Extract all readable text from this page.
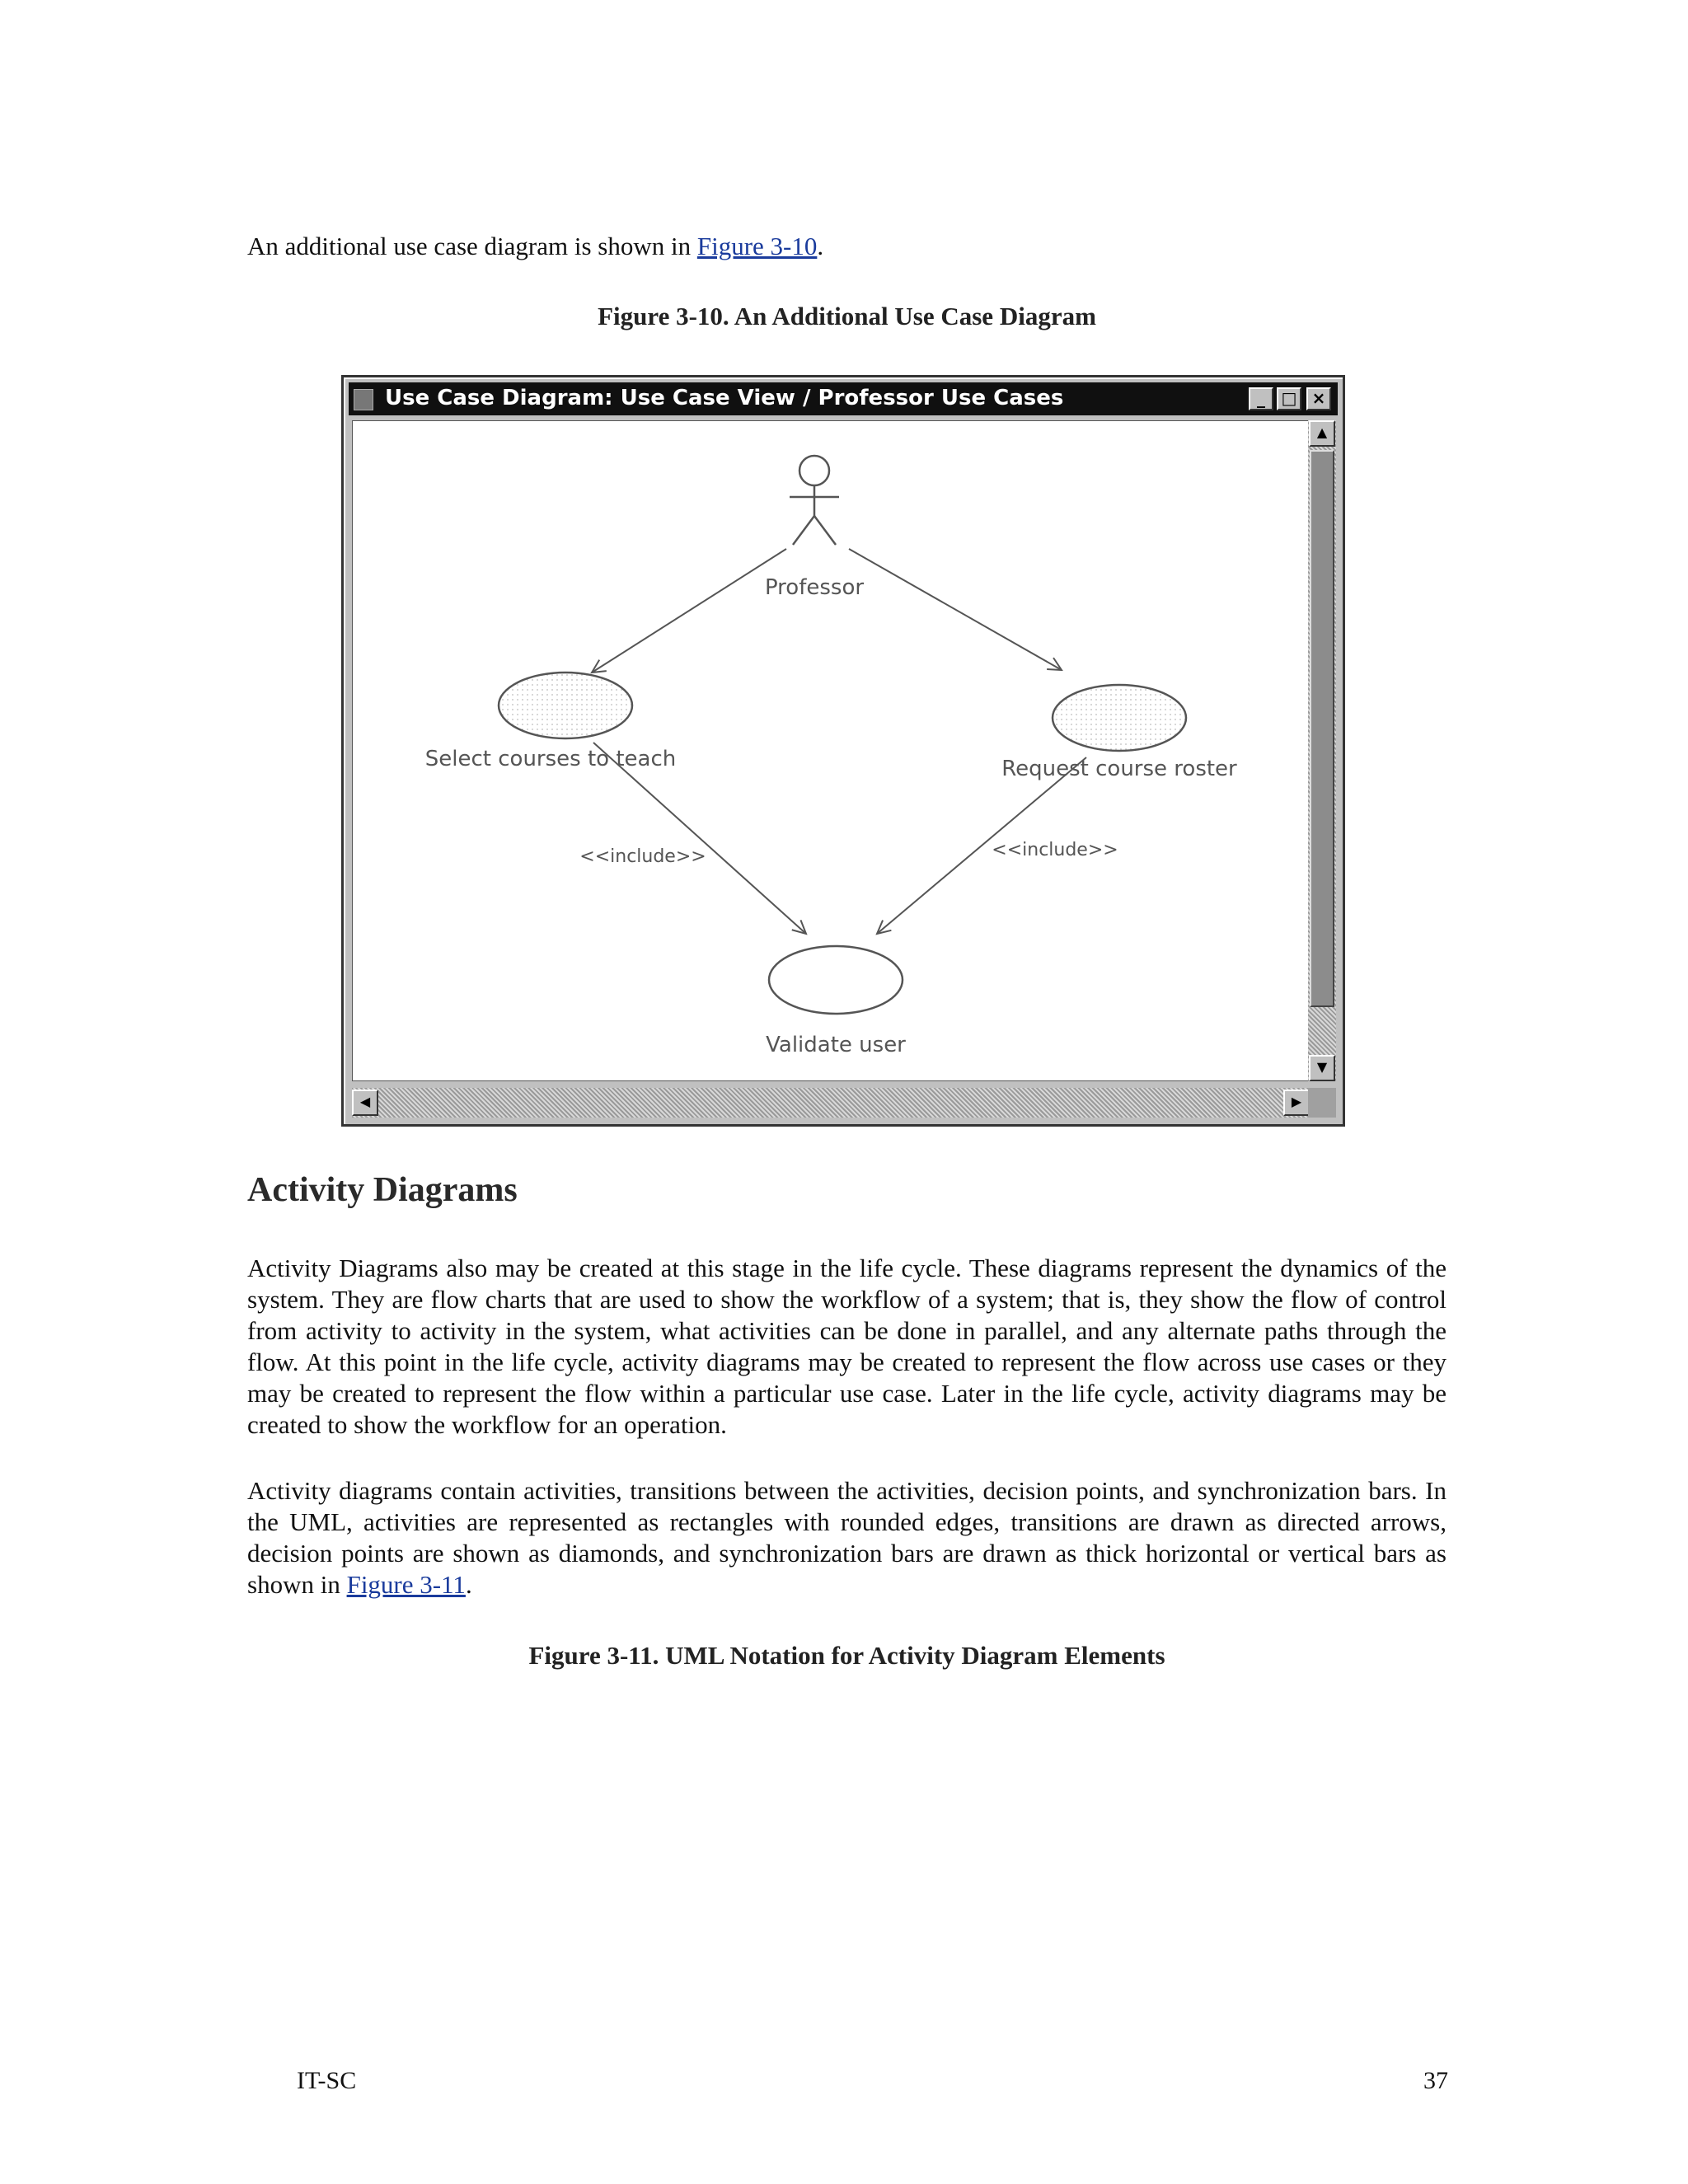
An additional use case diagram is shown in Figure 3-10.

Figure 3-10. An Additional Use Case Diagram

Use Case Diagram: Use Case View / Professor Use Cases	_ □ ×
Professor
Select courses to teach	Request course roster
Validate user
<<include>>	<<include>>
▲
▼
◀	▶
Activity Diagrams

Activity Diagrams also may be created at this stage in the life cycle. These diagrams represent the dynamics of the system. They are flow charts that are used to show the workflow of a system; that is, they show the flow of control from activity to activity in the system, what activities can be done in parallel, and any alternate paths through the flow. At this point in the life cycle, activity diagrams may be created to represent the flow across use cases or they may be created to represent the flow within a particular use case. Later in the life cycle, activity diagrams may be created to show the workflow for an operation.

Activity diagrams contain activities, transitions between the activities, decision points, and synchronization bars. In the UML, activities are represented as rectangles with rounded edges, transitions are drawn as directed arrows, decision points are shown as diamonds, and synchronization bars are drawn as thick horizontal or vertical bars as shown in Figure 3-11.

Figure 3-11. UML Notation for Activity Diagram Elements

IT-SC	37
